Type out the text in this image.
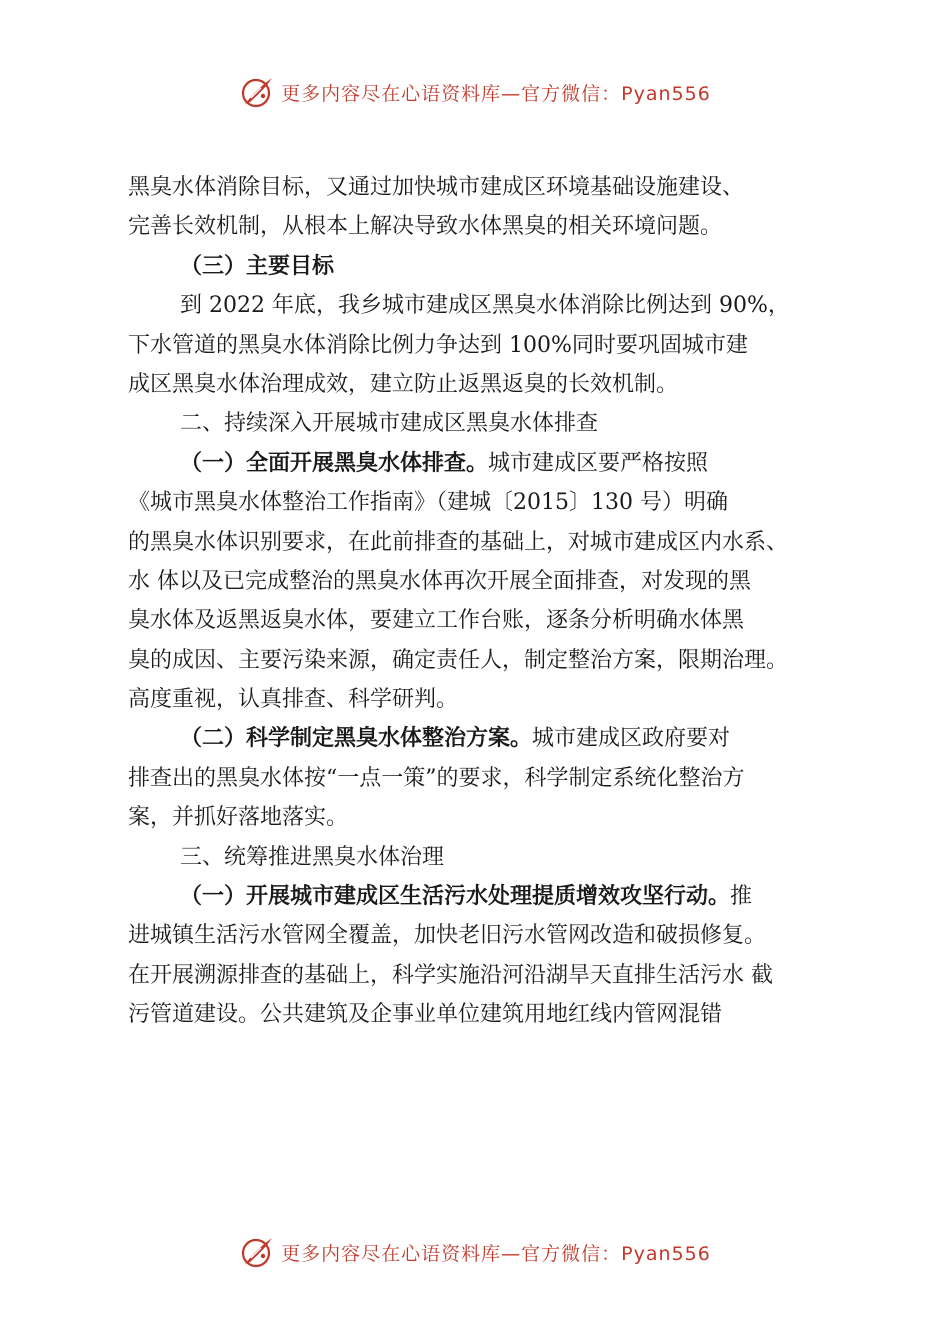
更多内容尽在心语资料库—官方微信：Pyan556
黑臭水体消除目标，又通过加快城市建成区环境基础设施建设、
完善长效机制，从根本上解决导致水体黑臭的相关环境问题。
（三）主要目标
到 2022 年底，我乡城市建成区黑臭水体消除比例达到 90%，
下水管道的黑臭水体消除比例力争达到 100%同时要巩固城市建
成区黑臭水体治理成效，建立防止返黑返臭的长效机制。
二、持续深入开展城市建成区黑臭水体排查
（一）全面开展黑臭水体排查。城市建成区要严格按照
《城市黑臭水体整治工作指南》（建城〔2015〕130 号）明确
的黑臭水体识别要求，在此前排查的基础上，对城市建成区内水系、
水 体以及已完成整治的黑臭水体再次开展全面排查，对发现的黑
臭水体及返黑返臭水体，要建立工作台账，逐条分析明确水体黑
臭的成因、主要污染来源，确定责任人，制定整治方案，限期治理。
高度重视，认真排查、科学研判。
（二）科学制定黑臭水体整治方案。城市建成区政府要对
排查出的黑臭水体按“一点一策”的要求，科学制定系统化整治方
案，并抓好落地落实。
三、统筹推进黑臭水体治理
（一）开展城市建成区生活污水处理提质增效攻坚行动。推
进城镇生活污水管网全覆盖，加快老旧污水管网改造和破损修复。
在开展溯源排查的基础上，科学实施沿河沿湖旱天直排生活污水 截
污管道建设。公共建筑及企事业单位建筑用地红线内管网混错
更多内容尽在心语资料库—官方微信：Pyan556
